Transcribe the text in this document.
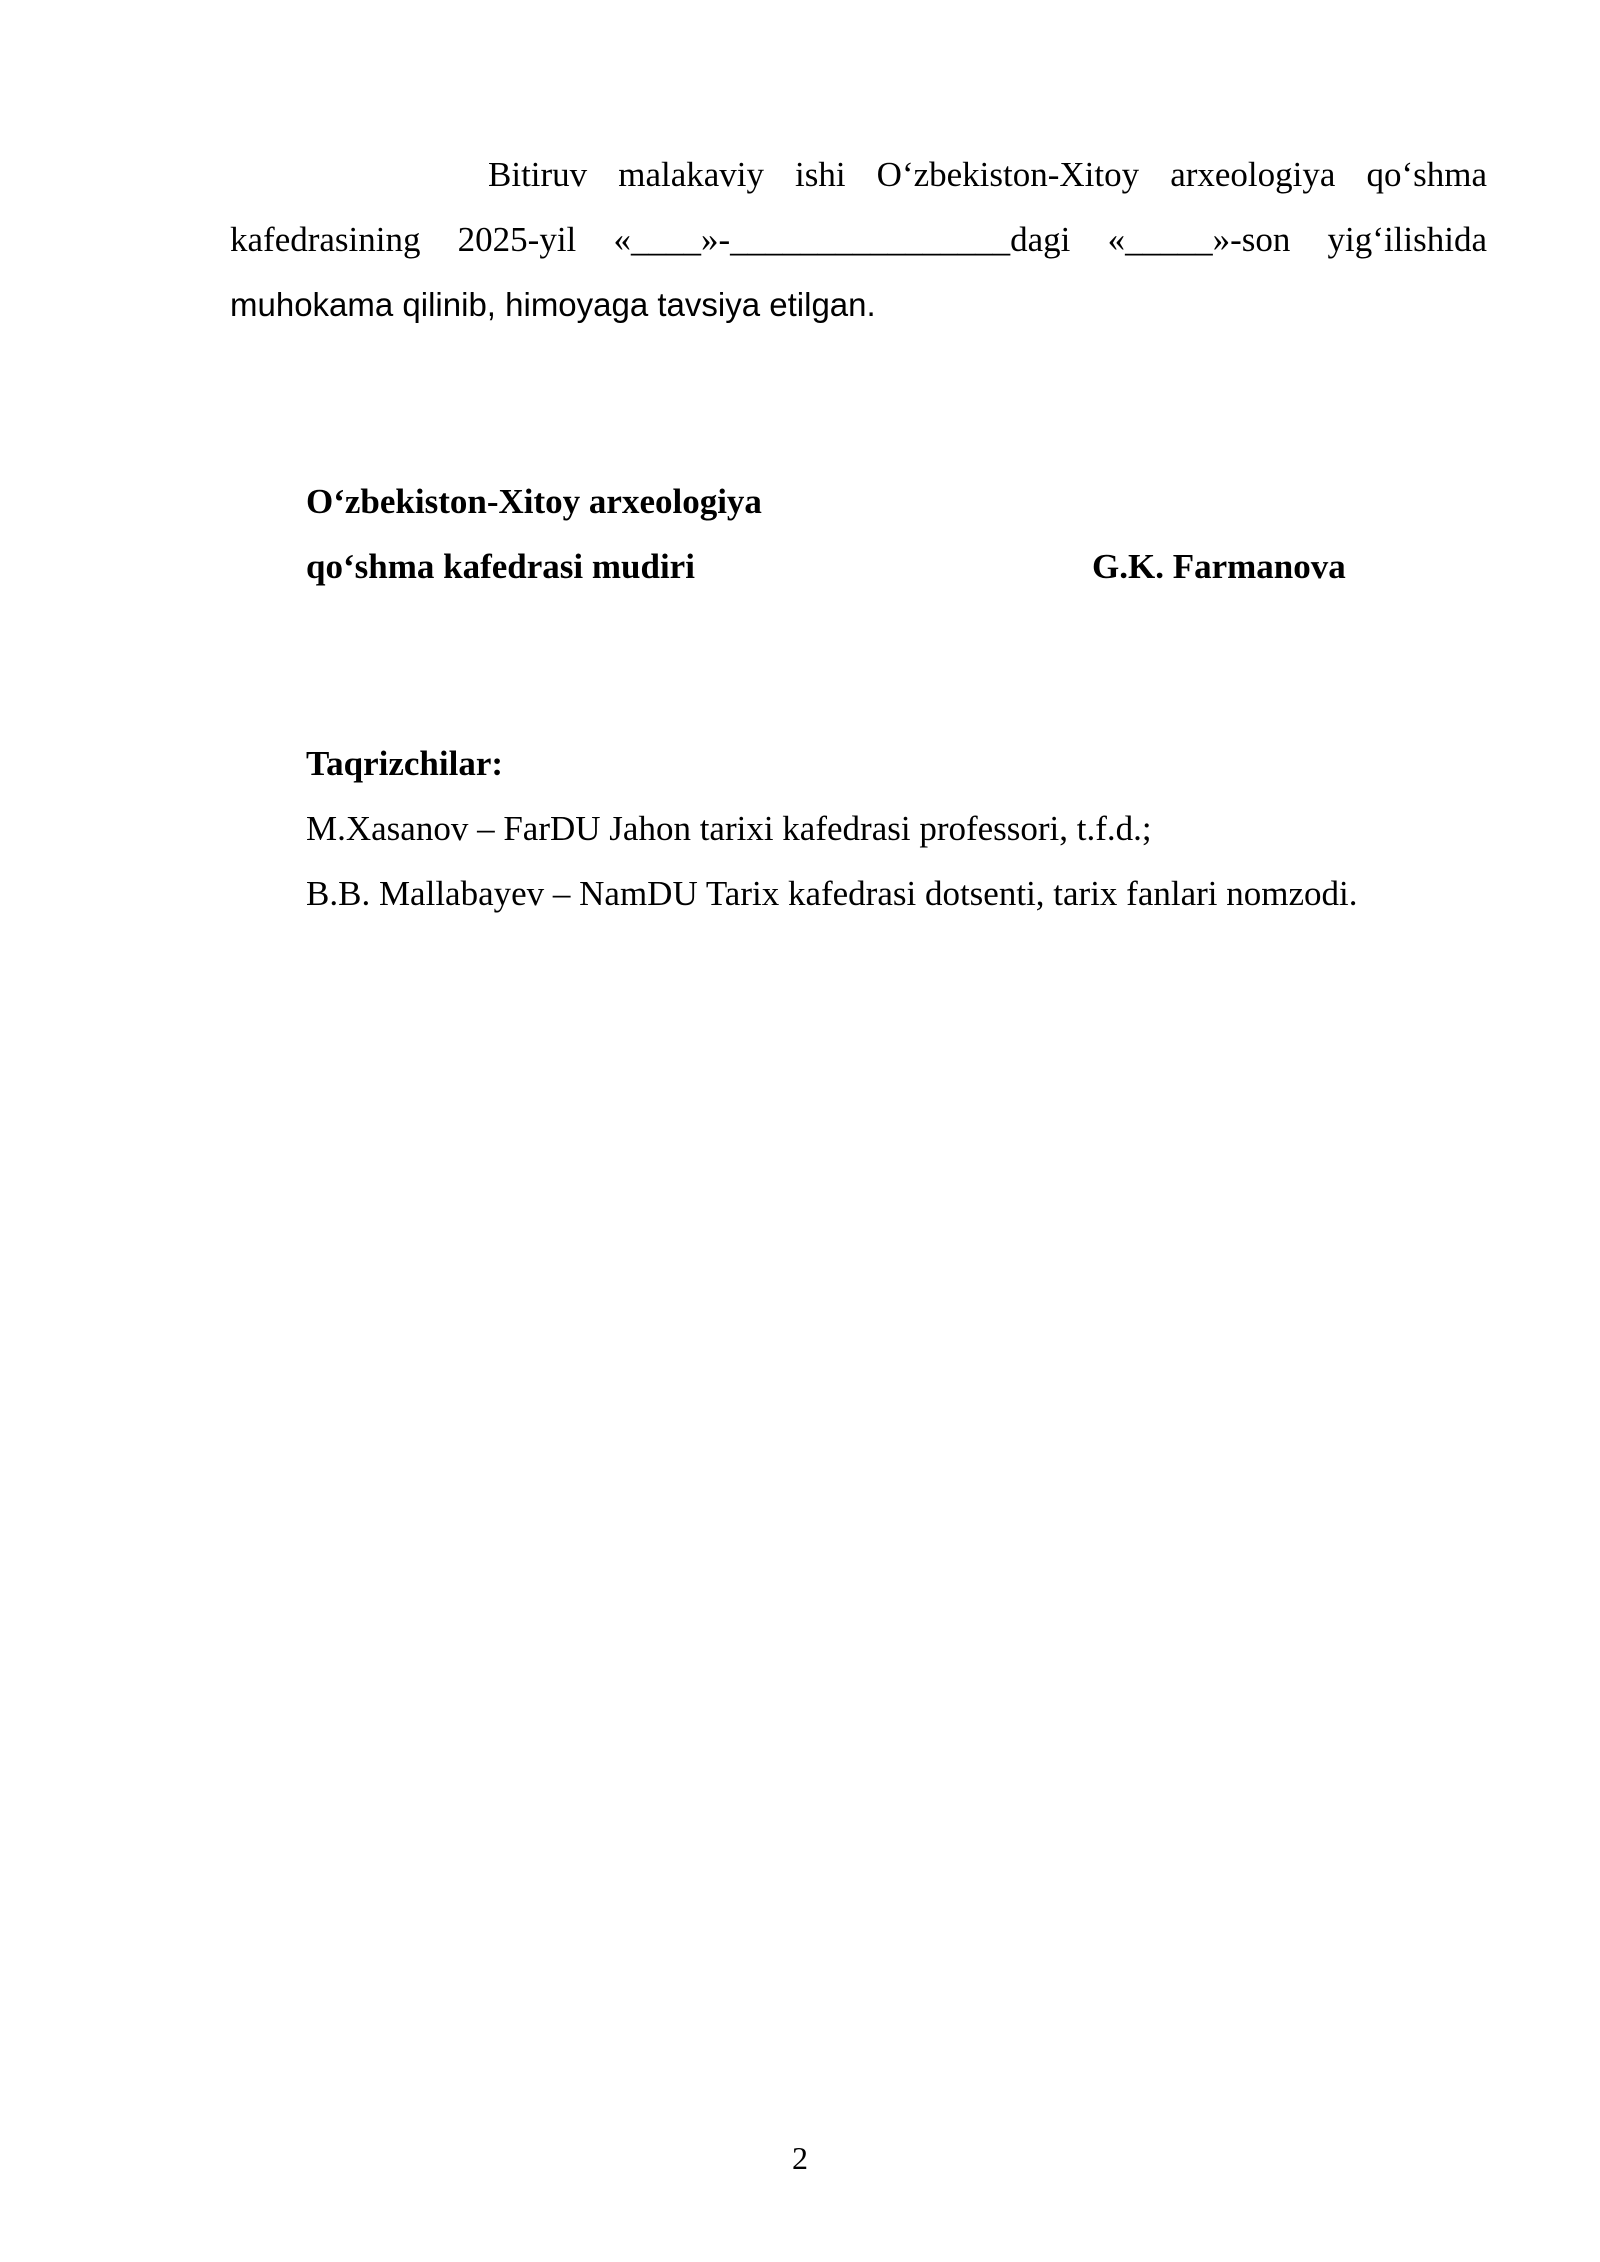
Bitiruv malakaviy ishi O‘zbekiston-Xitoy arxeologiya qo‘shma
kafedrasining 2025-yil «____»-________________dagi «_____»-son yig‘ilishida
muhokama qilinib, himoyaga tavsiya etilgan.
O‘zbekiston-Xitoy arxeologiya
qo‘shma kafedrasi mudiri	G.K. Farmanova
Taqrizchilar:
M.Xasanov – FarDU Jahon tarixi kafedrasi professori, t.f.d.;
B.B. Mallabayev – NamDU Tarix kafedrasi dotsenti, tarix fanlari nomzodi.
2
